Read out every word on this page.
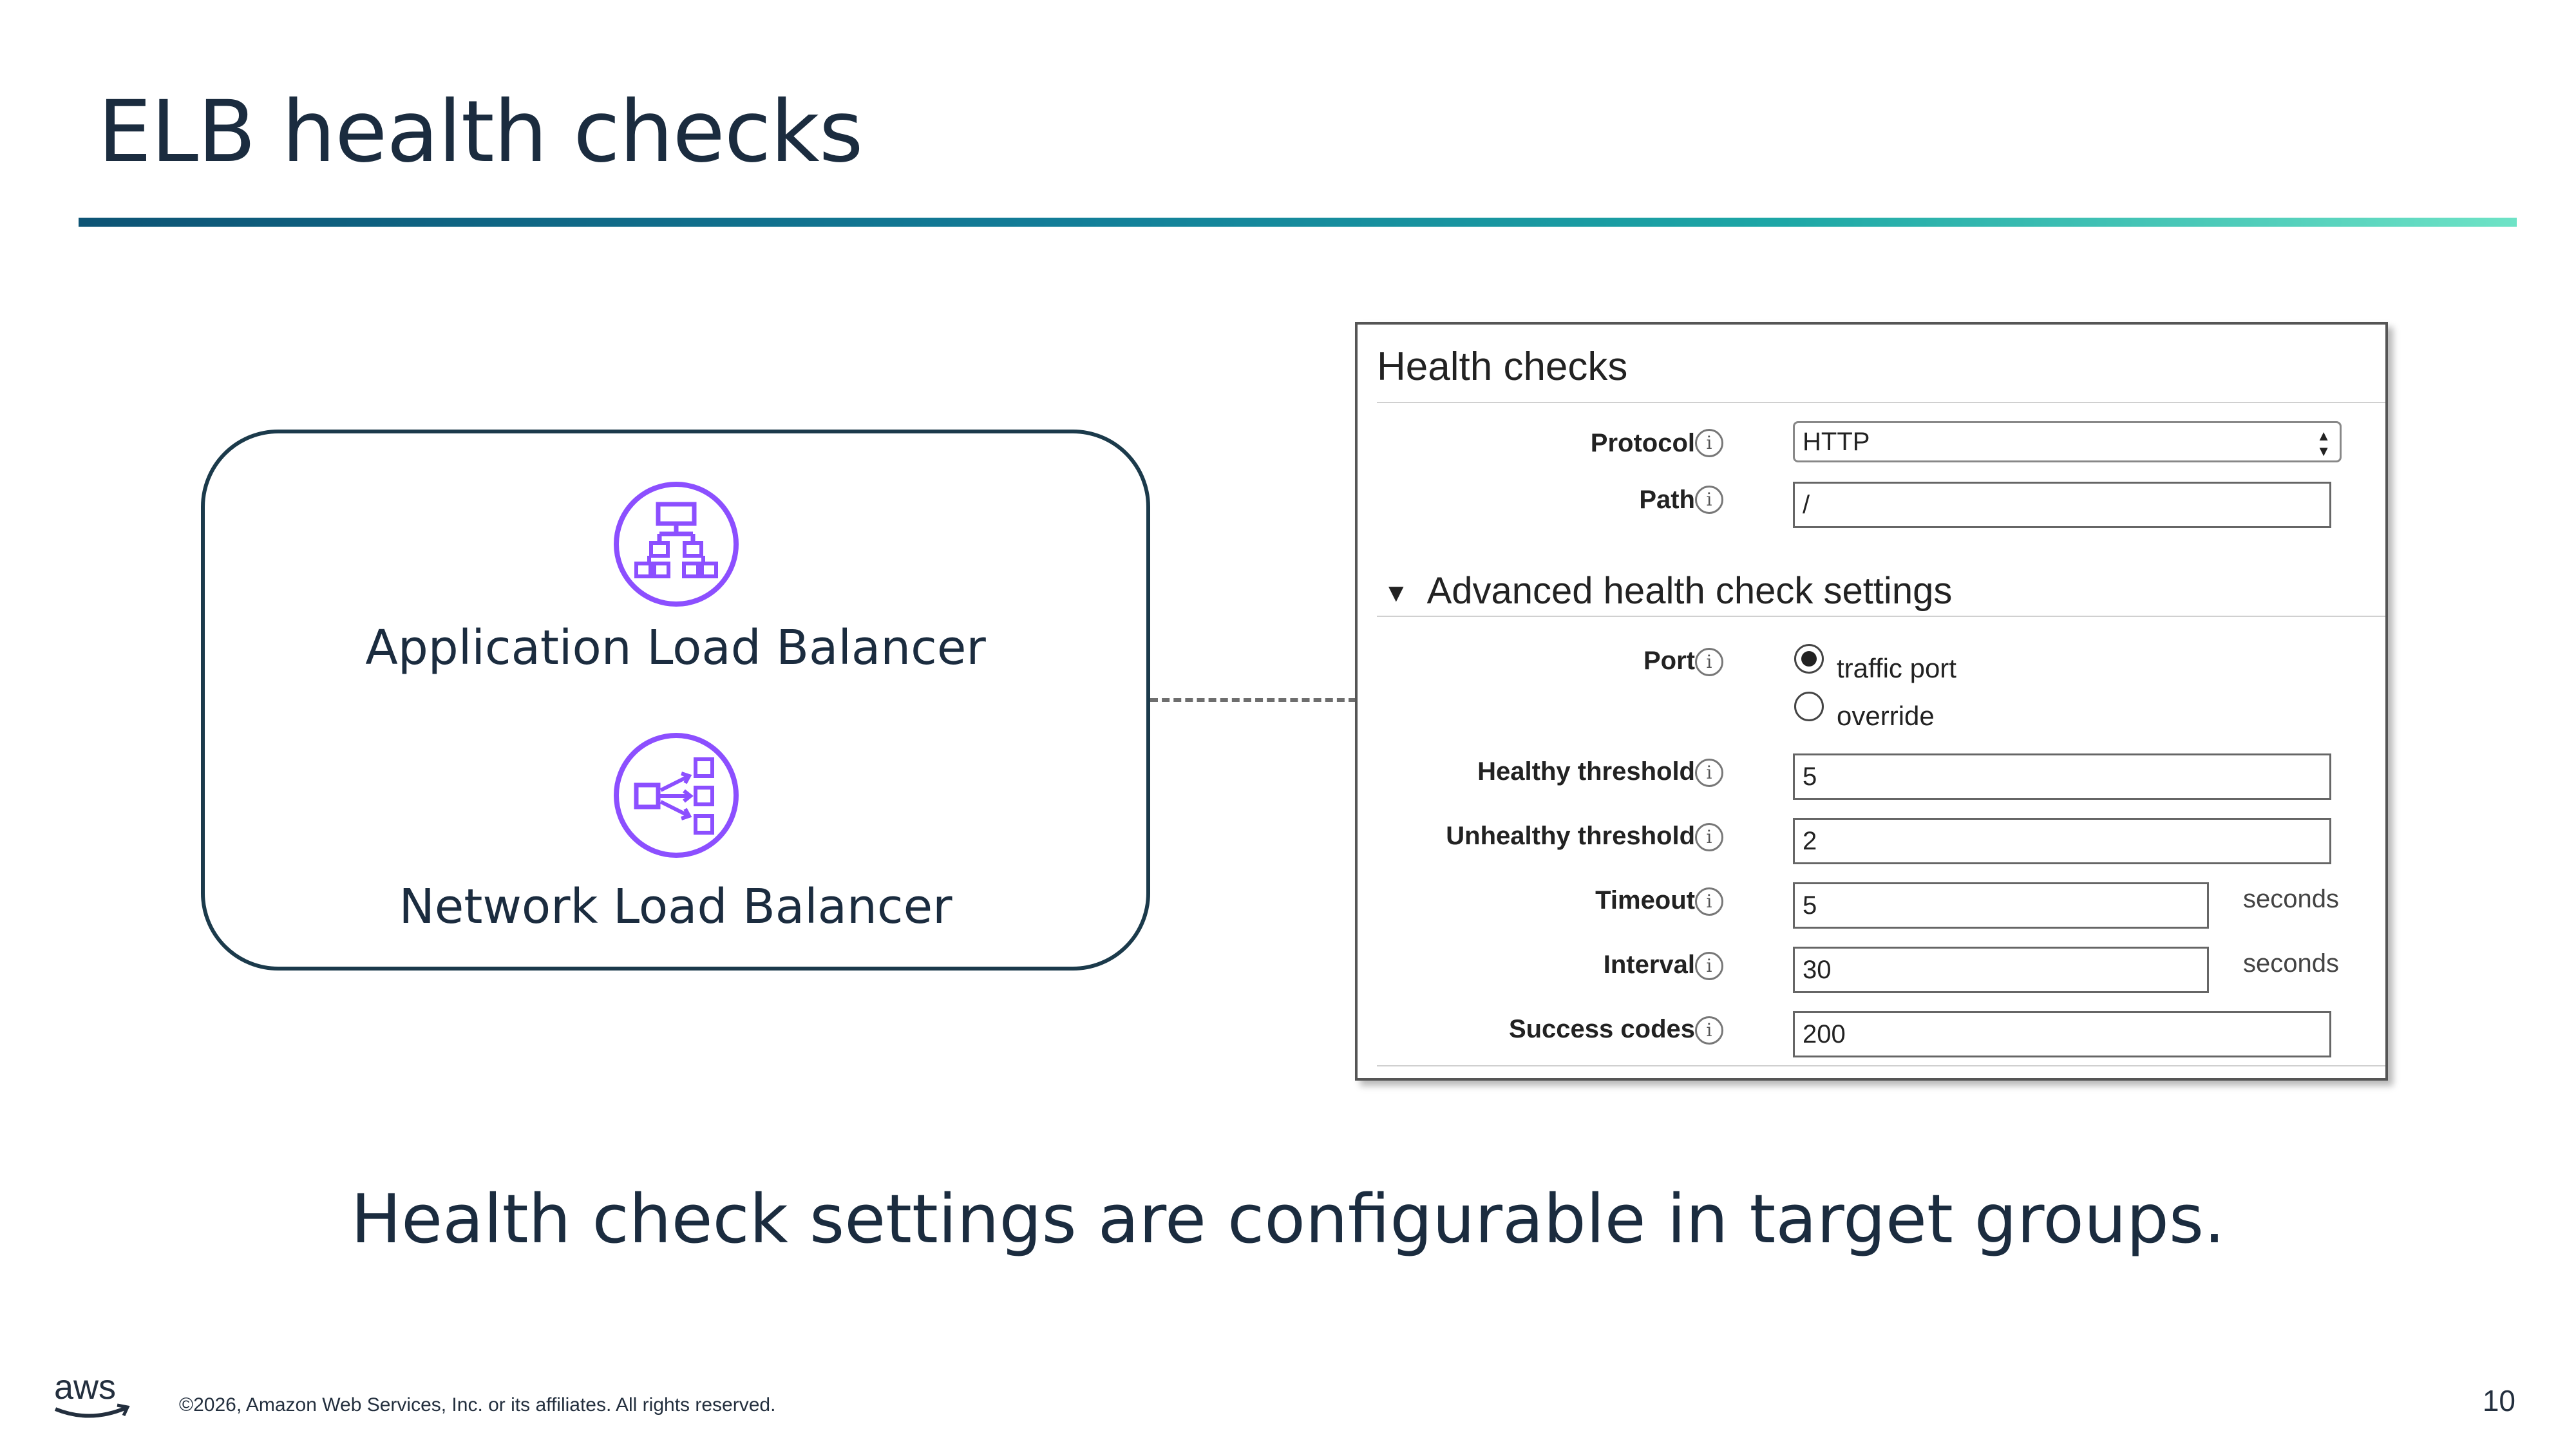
ELB health checks
Application Load Balancer
Network Load Balancer
Health checks
Protocol i	HTTP	▲
▼
Path i	/
▼ Advanced health check settings
Port i	traffic port
override
Healthy threshold i	5
Unhealthy threshold i	2
Timeout i	5	seconds
Interval i	30	seconds
Success codes i	200
Health check settings are configurable in target groups.
aws	©2026, Amazon Web Services, Inc. or its affiliates. All rights reserved.	10
